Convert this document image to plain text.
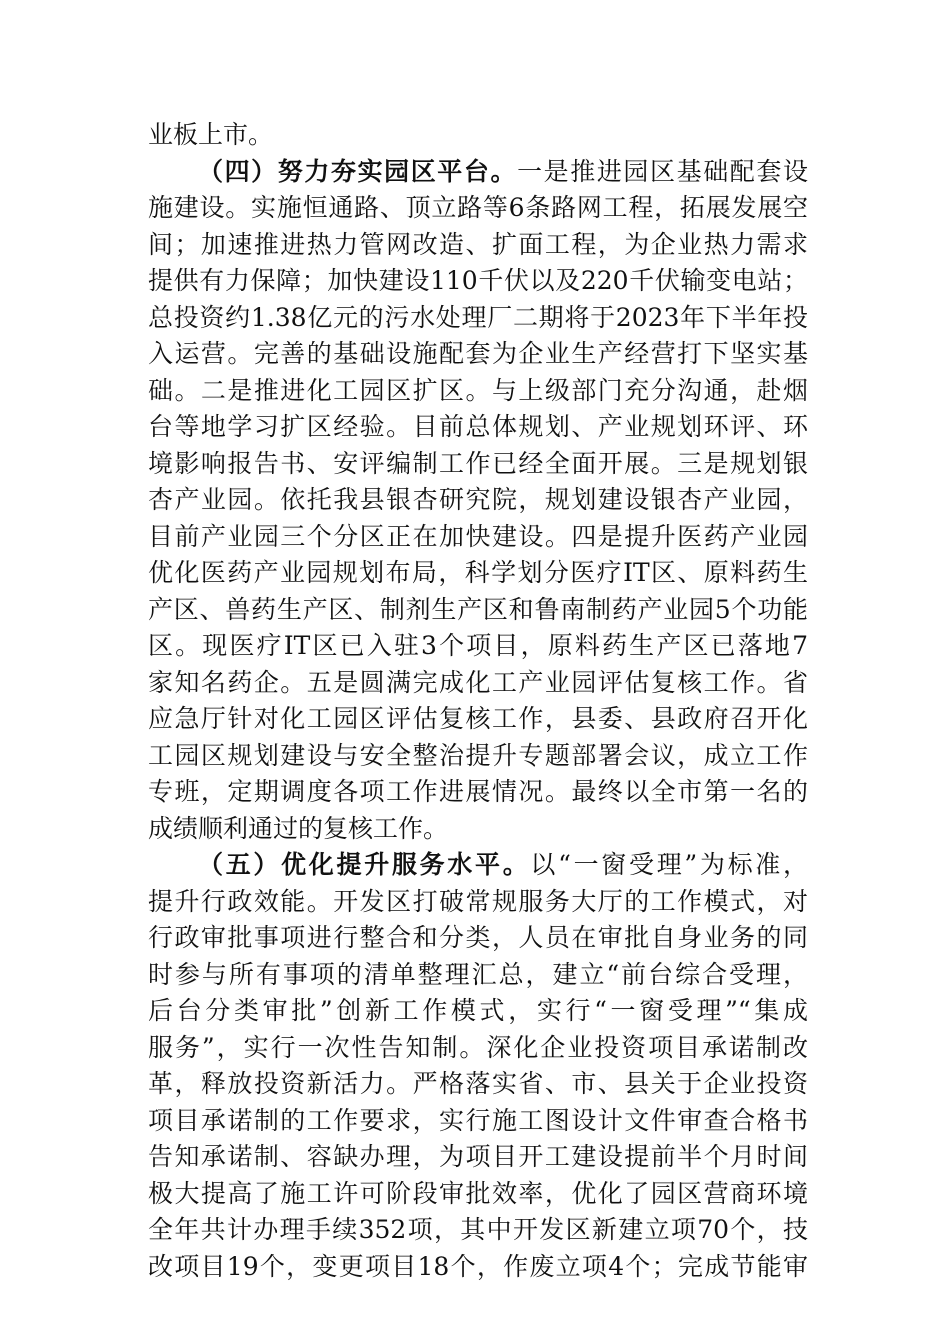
业板上市。
（四）努力夯实园区平台。一是推进园区基础配套设
施建设。实施恒通路、顶立路等6条路网工程，拓展发展空
间；加速推进热力管网改造、扩面工程，为企业热力需求
提供有力保障；加快建设110千伏以及220千伏输变电站；
总投资约1.38亿元的污水处理厂二期将于2023年下半年投
入运营。完善的基础设施配套为企业生产经营打下坚实基
础。二是推进化工园区扩区。与上级部门充分沟通，赴烟
台等地学习扩区经验。目前总体规划、产业规划环评、环
境影响报告书、安评编制工作已经全面开展。三是规划银
杏产业园。依托我县银杏研究院，规划建设银杏产业园，
目前产业园三个分区正在加快建设。四是提升医药产业园
优化医药产业园规划布局，科学划分医疗IT区、原料药生
产区、兽药生产区、制剂生产区和鲁南制药产业园5个功能
区。现医疗IT区已入驻3个项目，原料药生产区已落地7
家知名药企。五是圆满完成化工产业园评估复核工作。省
应急厅针对化工园区评估复核工作，县委、县政府召开化
工园区规划建设与安全整治提升专题部署会议，成立工作
专班，定期调度各项工作进展情况。最终以全市第一名的
成绩顺利通过的复核工作。
（五）优化提升服务水平。以“一窗受理”为标准，
提升行政效能。开发区打破常规服务大厅的工作模式，对
行政审批事项进行整合和分类，人员在审批自身业务的同
时参与所有事项的清单整理汇总，建立“前台综合受理，
后台分类审批”创新工作模式，实行“一窗受理”“集成
服务”，实行一次性告知制。深化企业投资项目承诺制改
革，释放投资新活力。严格落实省、市、县关于企业投资
项目承诺制的工作要求，实行施工图设计文件审查合格书
告知承诺制、容缺办理，为项目开工建设提前半个月时间
极大提高了施工许可阶段审批效率，优化了园区营商环境
全年共计办理手续352项，其中开发区新建立项70个，技
改项目19个，变更项目18个，作废立项4个；完成节能审
